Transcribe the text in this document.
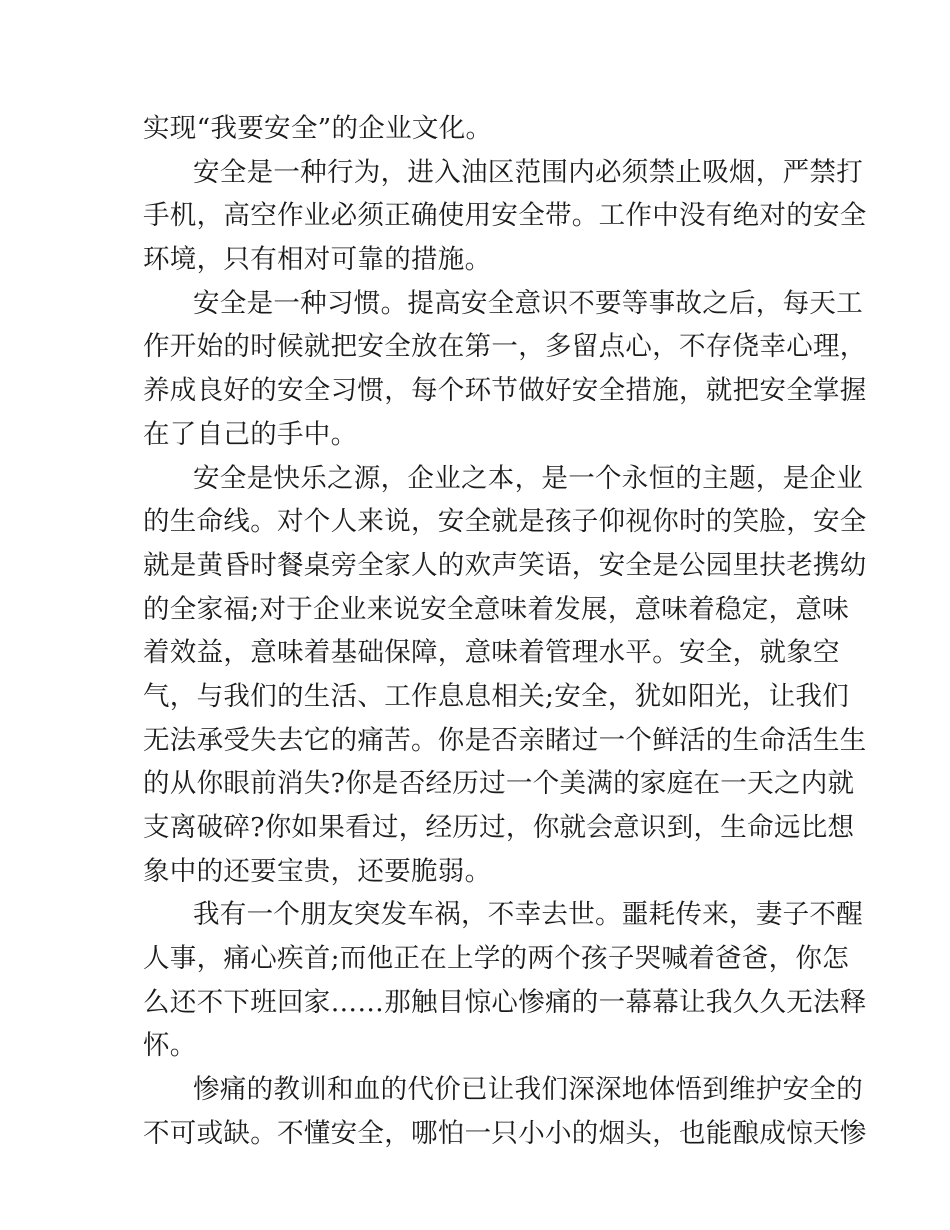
实现“我要安全”的企业文化。
安全是一种行为，进入油区范围内必须禁止吸烟，严禁打
手机，高空作业必须正确使用安全带。工作中没有绝对的安全
环境，只有相对可靠的措施。
安全是一种习惯。提高安全意识不要等事故之后，每天工
作开始的时候就把安全放在第一，多留点心，不存侥幸心理，
养成良好的安全习惯，每个环节做好安全措施，就把安全掌握
在了自己的手中。
安全是快乐之源，企业之本，是一个永恒的主题，是企业
的生命线。对个人来说，安全就是孩子仰视你时的笑脸，安全
就是黄昏时餐桌旁全家人的欢声笑语，安全是公园里扶老携幼
的全家福;对于企业来说安全意味着发展，意味着稳定，意味
着效益，意味着基础保障，意味着管理水平。安全，就象空
气，与我们的生活、工作息息相关;安全，犹如阳光，让我们
无法承受失去它的痛苦。你是否亲睹过一个鲜活的生命活生生
的从你眼前消失?你是否经历过一个美满的家庭在一天之内就
支离破碎?你如果看过，经历过，你就会意识到，生命远比想
象中的还要宝贵，还要脆弱。
我有一个朋友突发车祸，不幸去世。噩耗传来，妻子不醒
人事，痛心疾首;而他正在上学的两个孩子哭喊着爸爸，你怎
么还不下班回家……那触目惊心惨痛的一幕幕让我久久无法释
怀。
惨痛的教训和血的代价已让我们深深地体悟到维护安全的
不可或缺。不懂安全，哪怕一只小小的烟头，也能酿成惊天惨
